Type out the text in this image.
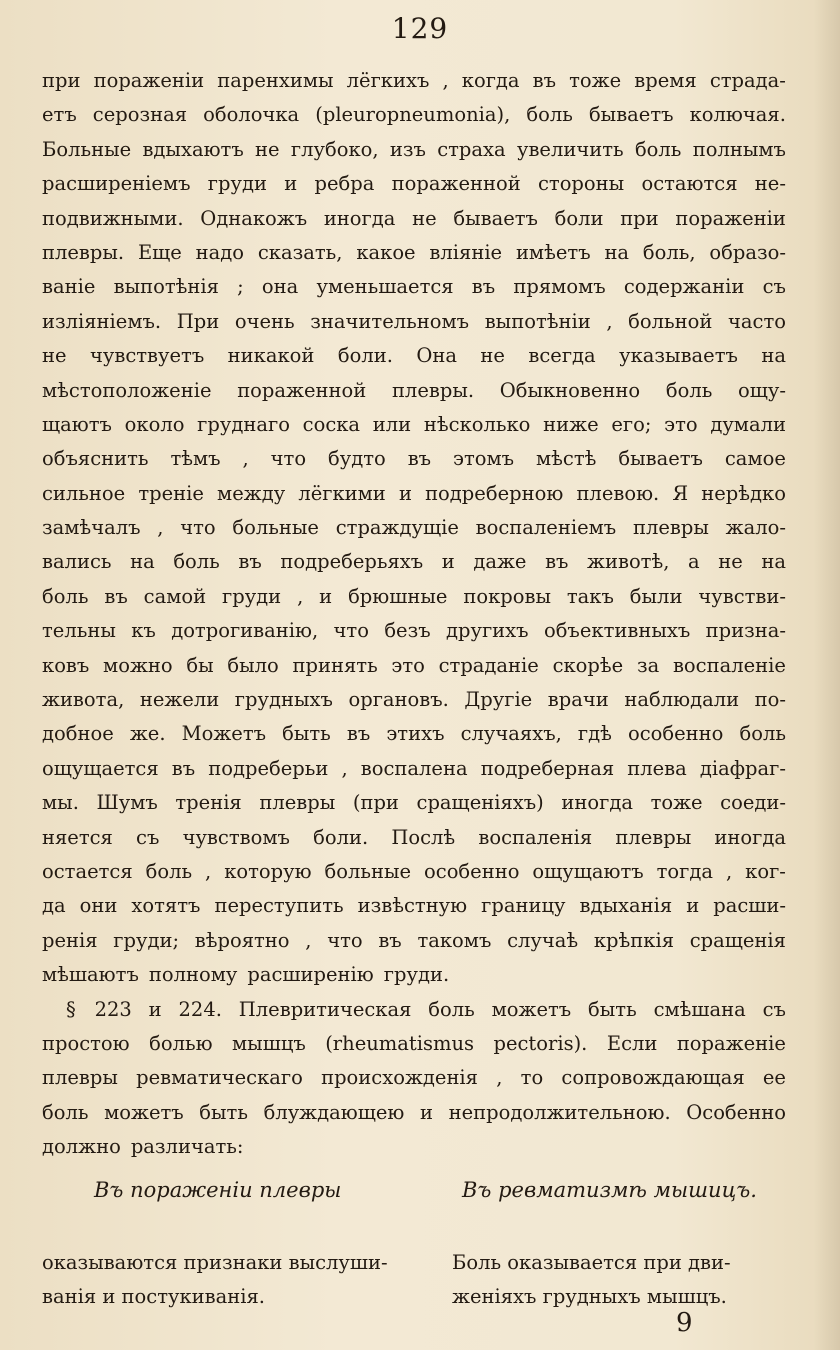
129
при пораженіи паренхимы лёгкихъ , когда въ тоже время страда-
етъ серозная оболочка (pleuropneumonia), боль бываетъ колючая.
Больные вдыхаютъ не глубоко, изъ страха увеличить боль полнымъ
расширеніемъ груди и ребра пораженной стороны остаются не-
подвижными. Однакожъ иногда не бываетъ боли при пораженіи
плевры. Еще надо сказать, какое вліяніе имѣетъ на боль, образо-
ваніе выпотѣнія ; она уменьшается въ прямомъ содержаніи съ
изліяніемъ. При очень значительномъ выпотѣніи , больной часто
не чувствуетъ никакой боли. Она не всегда указываетъ на
мѣстоположеніе пораженной плевры. Обыкновенно боль ощу-
щаютъ около груднаго соска или нѣсколько ниже его; это думали
объяснить тѣмъ , что будто въ этомъ мѣстѣ бываетъ самое
сильное треніе между лёгкими и подреберною плевою. Я нерѣдко
замѣчалъ , что больные страждущіе воспаленіемъ плевры жало-
вались на боль въ подреберьяхъ и даже въ животѣ, а не на
боль въ самой груди , и брюшные покровы такъ были чувстви-
тельны къ дотрогиванію, что безъ другихъ объективныхъ призна-
ковъ можно бы было принять это страданіе скорѣе за воспаленіе
живота, нежели грудныхъ органовъ. Другіе врачи наблюдали по-
добное же. Можетъ быть въ этихъ случаяхъ, гдѣ особенно боль
ощущается въ подреберьи , воспалена подреберная плева діафраг-
мы. Шумъ тренія плевры (при сращеніяхъ) иногда тоже соеди-
няется съ чувствомъ боли. Послѣ воспаленія плевры иногда
остается боль , которую больные особенно ощущаютъ тогда , ког-
да они хотятъ переступить извѣстную границу вдыханія и расши-
ренія груди; вѣроятно , что въ такомъ случаѣ крѣпкія сращенія
мѣшаютъ полному расширенію груди.
§ 223 и 224. Плевритическая боль можетъ быть смѣшана съ
простою болью мышцъ (rheumatismus pectoris). Если пораженіе
плевры ревматическаго происхожденія , то сопровождающая ее
боль можетъ быть блуждающею и непродолжительною. Особенно
должно различать:
Въ пораженіи плевры	Въ ревматизмѣ мышицъ.
оказываются признаки выслуши-
ванія и постукиванія.
Боль оказывается при дви-
женіяхъ грудныхъ мышцъ.
9
